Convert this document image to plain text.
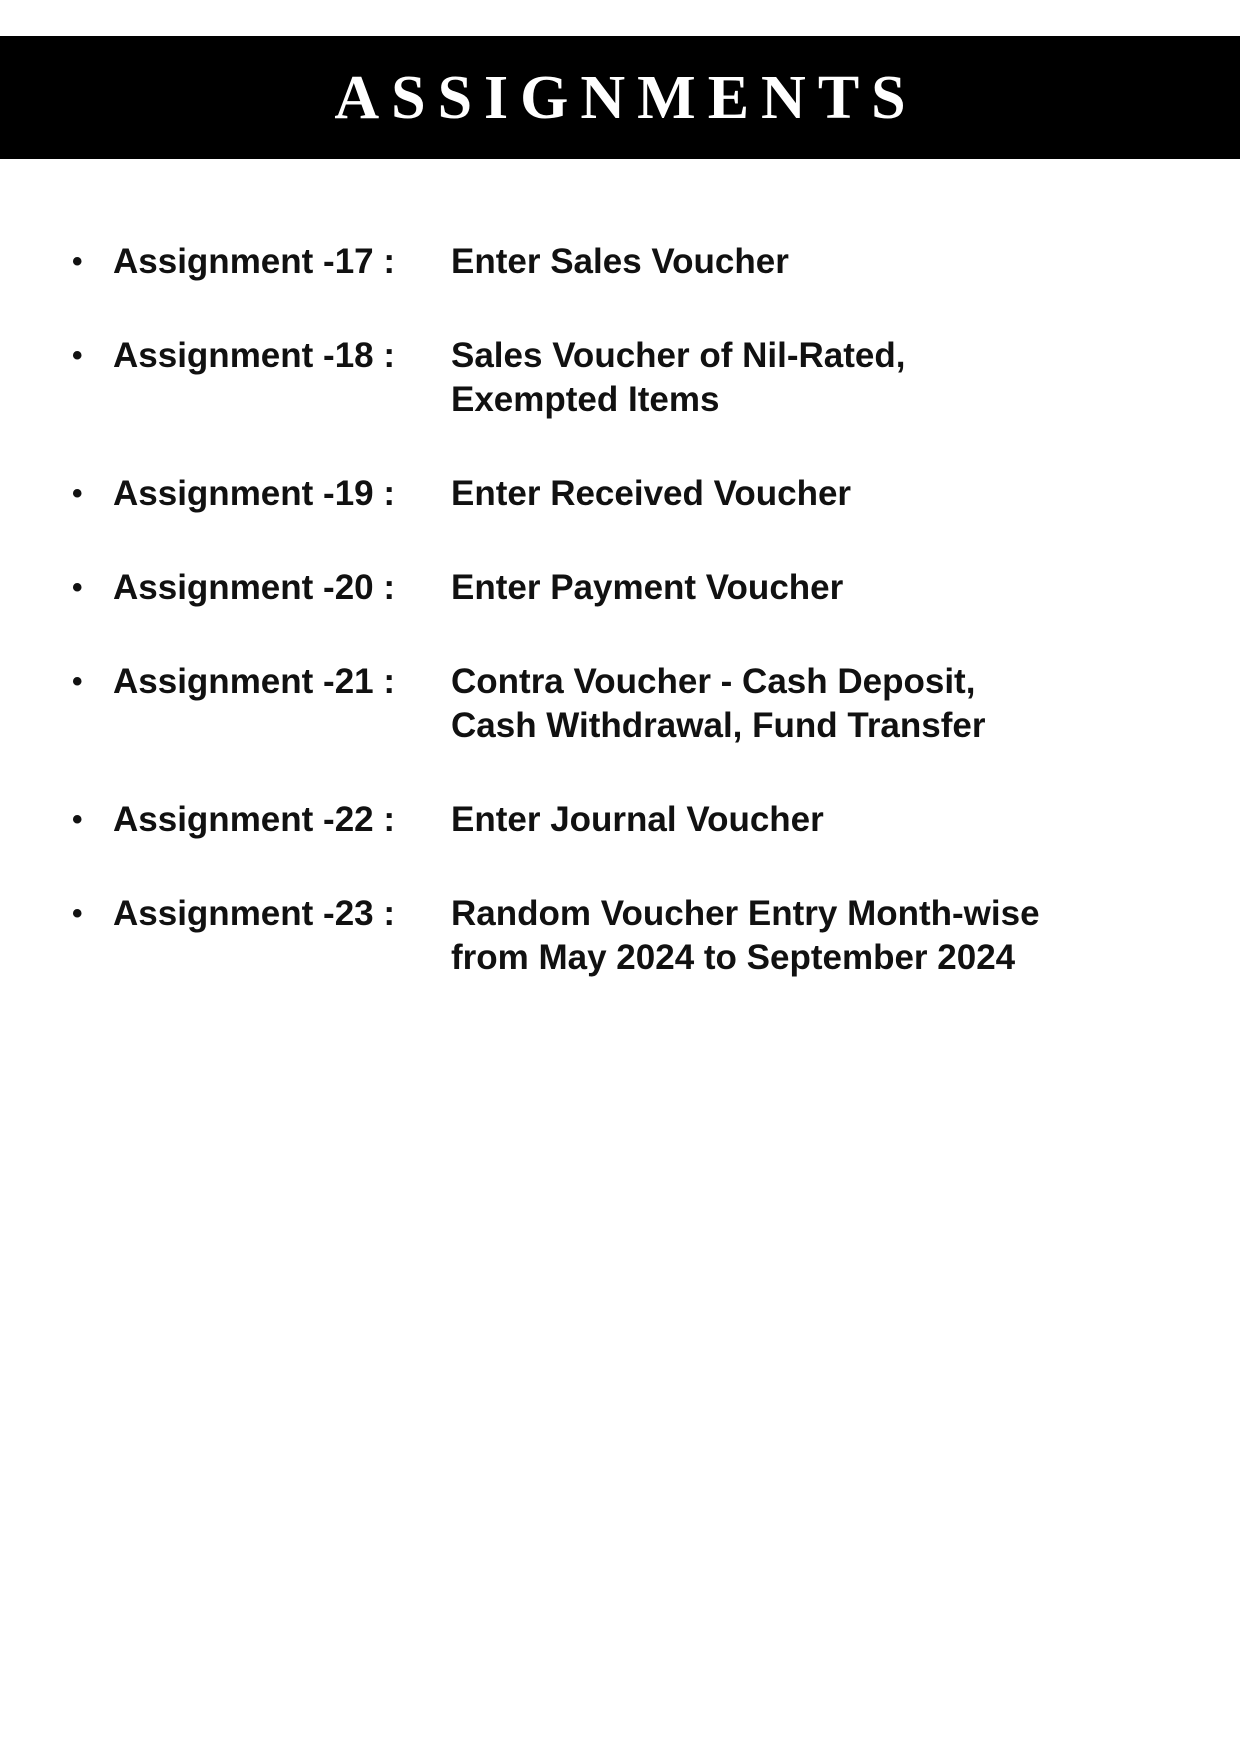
ASSIGNMENTS
• Assignment -17 : Enter Sales Voucher
• Assignment -18 : Sales Voucher of Nil-Rated,
Exempted Items
• Assignment -19 : Enter Received Voucher
• Assignment -20 : Enter Payment Voucher
• Assignment -21 : Contra Voucher - Cash Deposit,
Cash Withdrawal, Fund Transfer
• Assignment -22 : Enter Journal Voucher
• Assignment -23 : Random Voucher Entry Month-wise
from May 2024 to September 2024
